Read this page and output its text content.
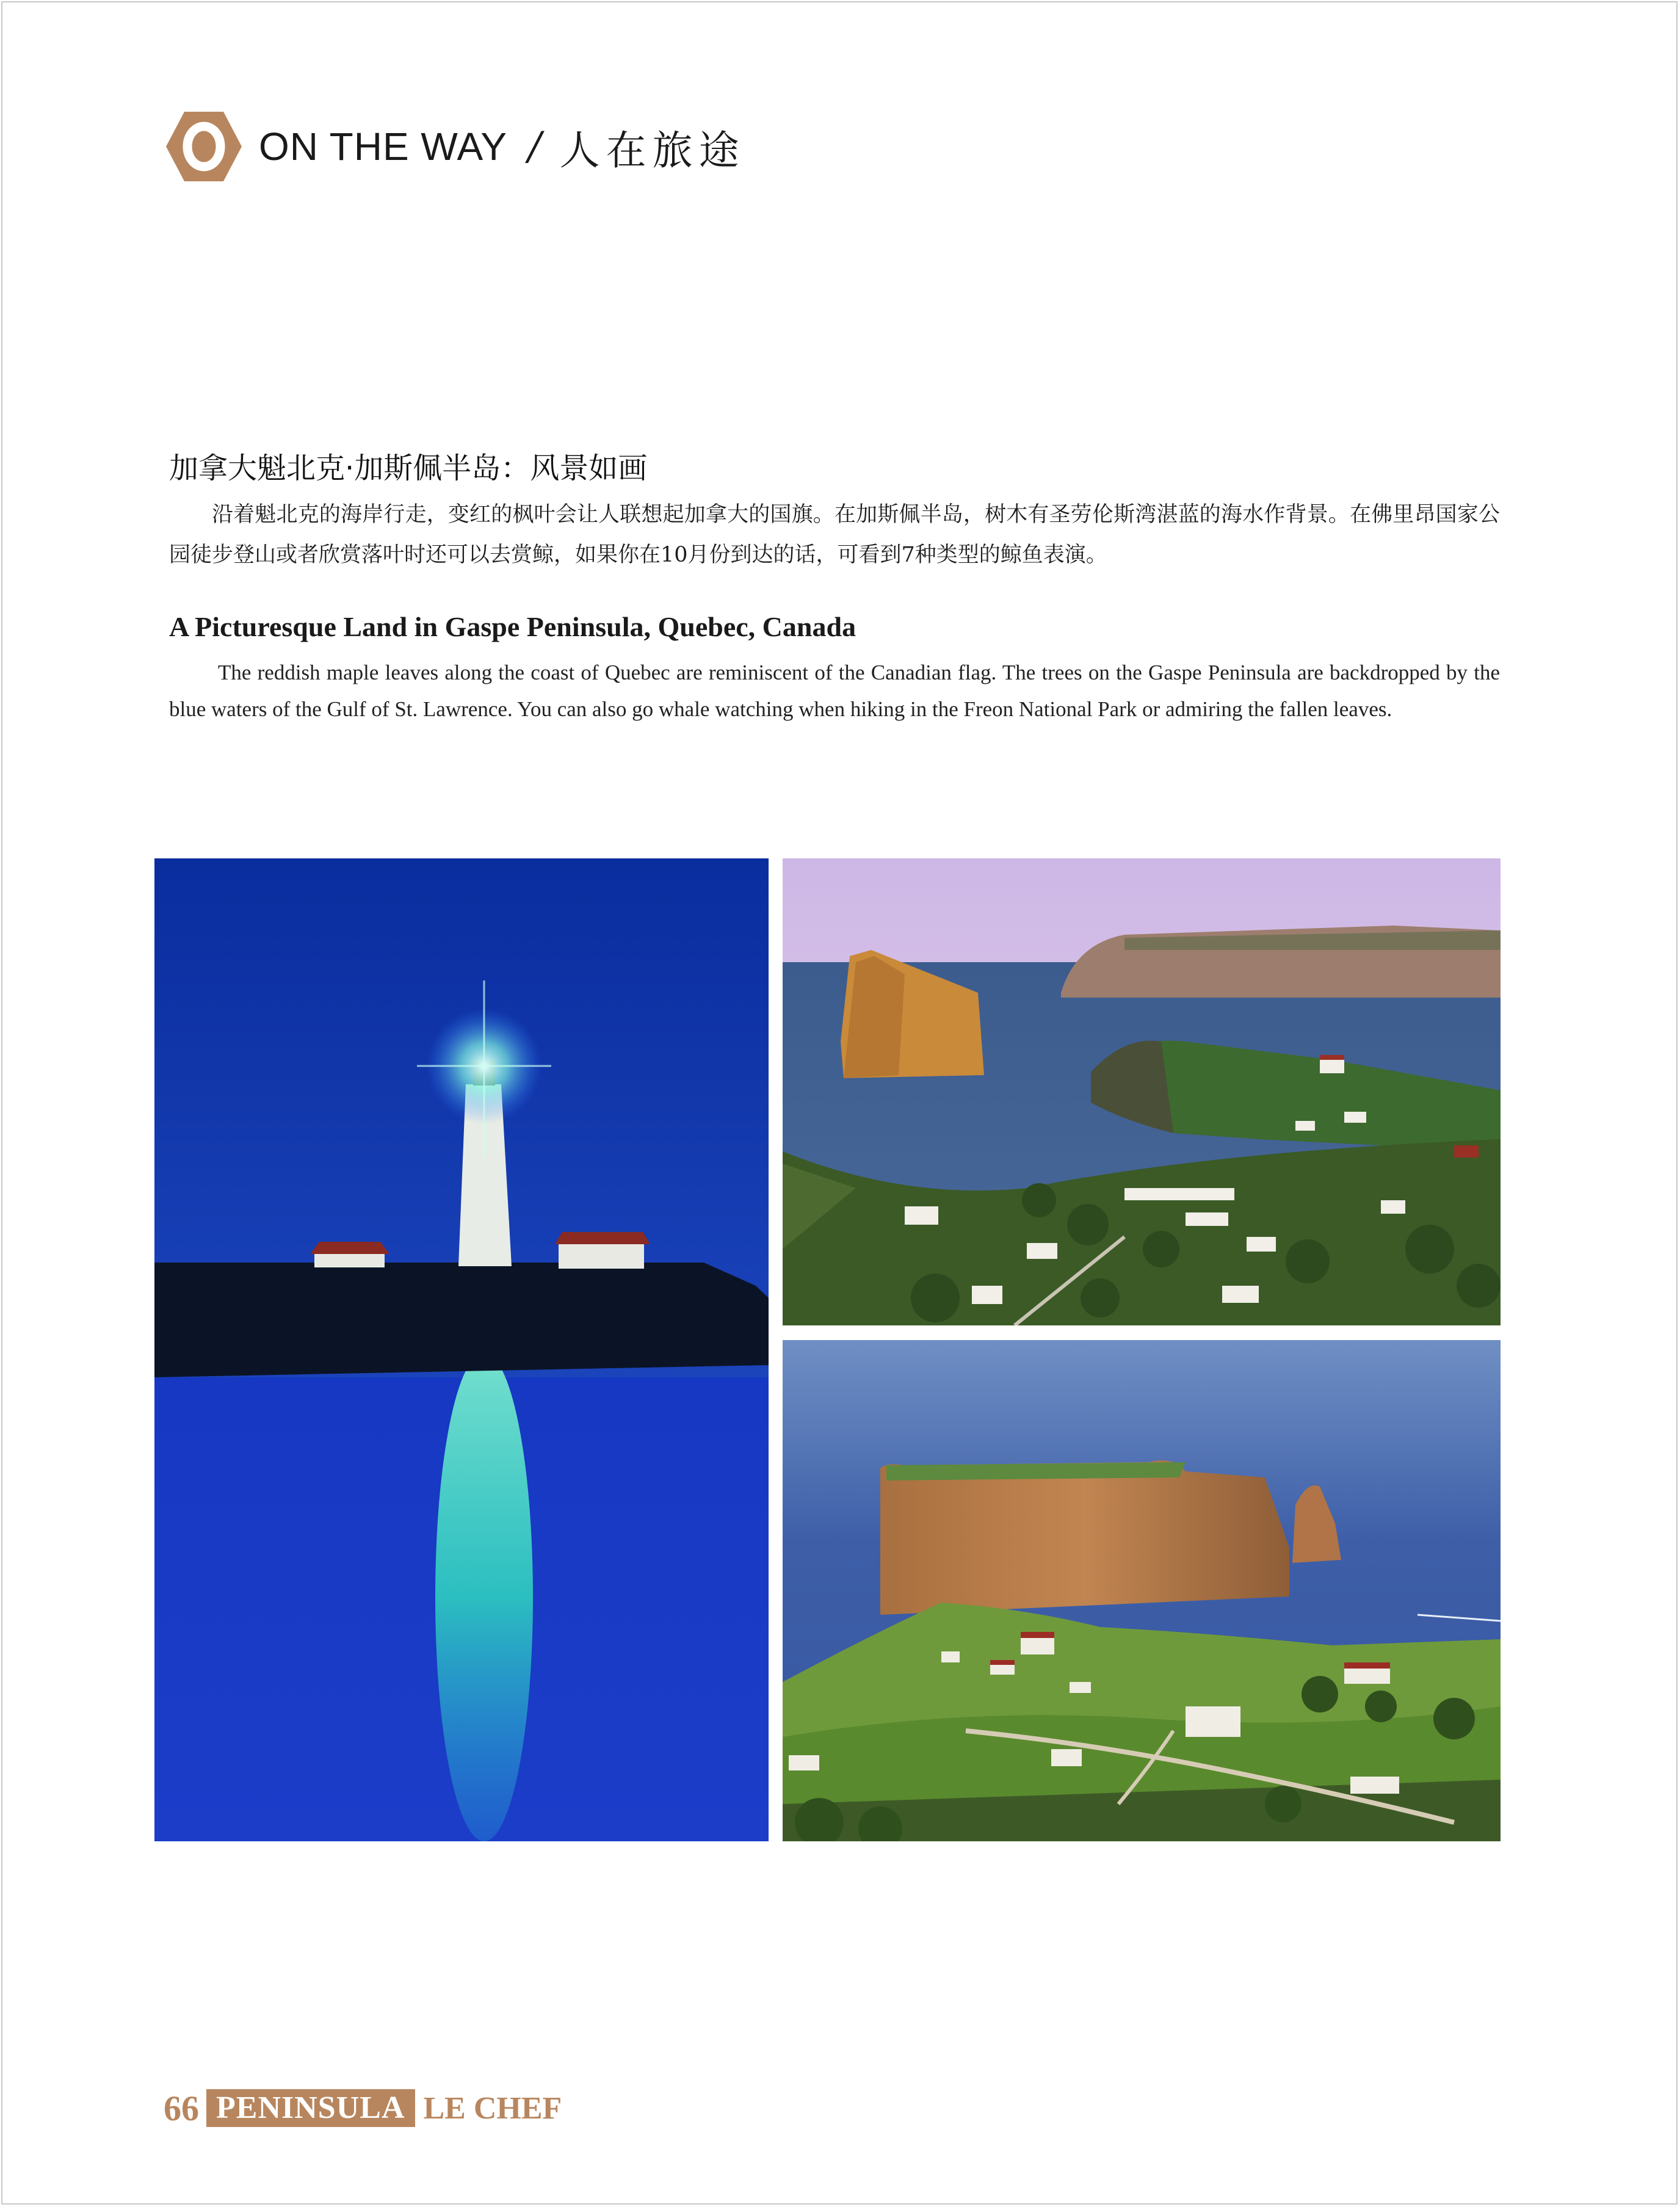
ON THE WAY / 人在旅途
加拿大魁北克·加斯佩半岛：风景如画
沿着魁北克的海岸行走，变红的枫叶会让人联想起加拿大的国旗。在加斯佩半岛，树木有圣劳伦斯湾湛蓝的海水作背景。在佛里昂国家公园徒步登山或者欣赏落叶时还可以去赏鲸，如果你在10月份到达的话，可看到7种类型的鲸鱼表演。
A Picturesque Land in Gaspe Peninsula, Quebec, Canada
The reddish maple leaves along the coast of Quebec are reminiscent of the Canadian flag. The trees on the Gaspe Peninsula are backdropped by the blue waters of the Gulf of St. Lawrence. You can also go whale watching when hiking in the Freon National Park or admiring the fallen leaves.
66 PENINSULA LE CHEF
